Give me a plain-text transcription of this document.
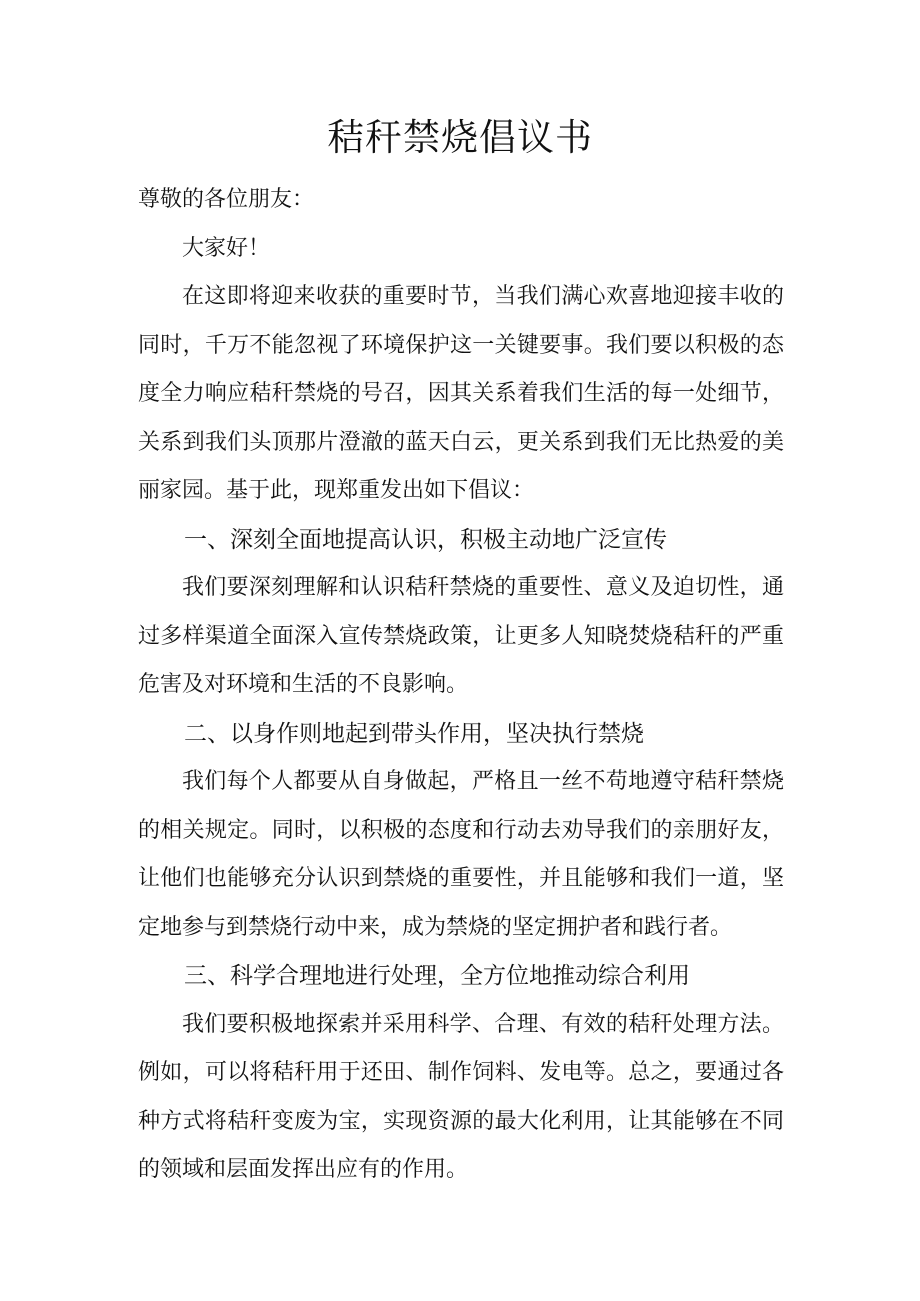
秸秆禁烧倡议书

尊敬的各位朋友：

大家好！

在这即将迎来收获的重要时节，当我们满心欢喜地迎接丰收的同时，千万不能忽视了环境保护这一关键要事。我们要以积极的态度全力响应秸秆禁烧的号召，因其关系着我们生活的每一处细节，关系到我们头顶那片澄澈的蓝天白云，更关系到我们无比热爱的美丽家园。基于此，现郑重发出如下倡议：

一、深刻全面地提高认识，积极主动地广泛宣传

我们要深刻理解和认识秸秆禁烧的重要性、意义及迫切性，通过多样渠道全面深入宣传禁烧政策，让更多人知晓焚烧秸秆的严重危害及对环境和生活的不良影响。

二、以身作则地起到带头作用，坚决执行禁烧

我们每个人都要从自身做起，严格且一丝不苟地遵守秸秆禁烧的相关规定。同时，以积极的态度和行动去劝导我们的亲朋好友，让他们也能够充分认识到禁烧的重要性，并且能够和我们一道，坚定地参与到禁烧行动中来，成为禁烧的坚定拥护者和践行者。

三、科学合理地进行处理，全方位地推动综合利用

我们要积极地探索并采用科学、合理、有效的秸秆处理方法。例如，可以将秸秆用于还田、制作饲料、发电等。总之，要通过各种方式将秸秆变废为宝，实现资源的最大化利用，让其能够在不同的领域和层面发挥出应有的作用。
